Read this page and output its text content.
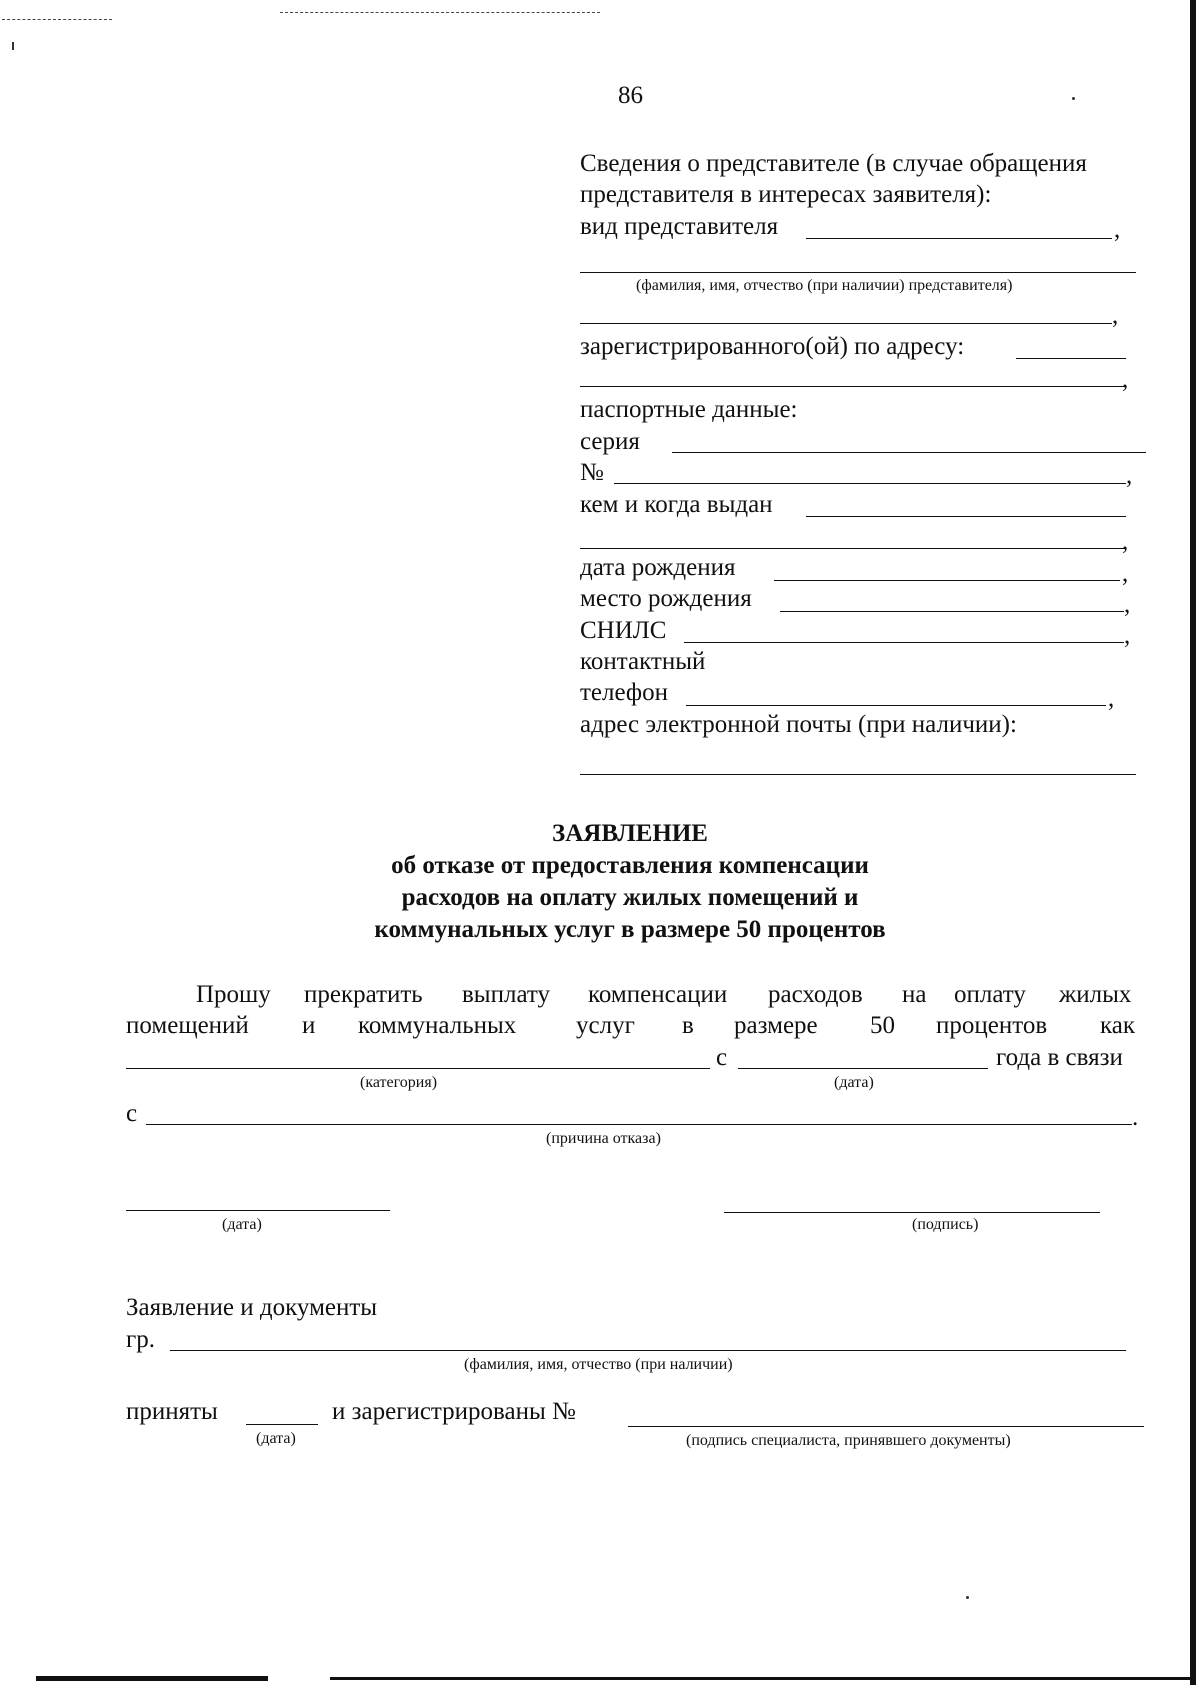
86
Сведения о представителе (в случае обращения
представителя в интересах заявителя):
вид представителя	,
(фамилия, имя, отчество (при наличии) представителя)
,
зарегистрированного(ой) по адресу:
,
паспортные данные:
серия
№	,
кем и когда выдан
,
дата рождения	,
место рождения	,
СНИЛС	,
контактный
телефон	,
адрес электронной почты (при наличии):
ЗАЯВЛЕНИЕ
об отказе от предоставления компенсации
расходов на оплату жилых помещений и
коммунальных услуг в размере 50 процентов
Прошу прекратить выплату компенсации расходов на оплату жилых
помещений и коммунальных услуг в размере 50 процентов как
с	года в связи
(категория)	(дата)
с	.
(причина отказа)
(дата)	(подпись)
Заявление и документы
гр.
(фамилия, имя, отчество (при наличии)
приняты	и зарегистрированы №
(дата)	(подпись специалиста, принявшего документы)
